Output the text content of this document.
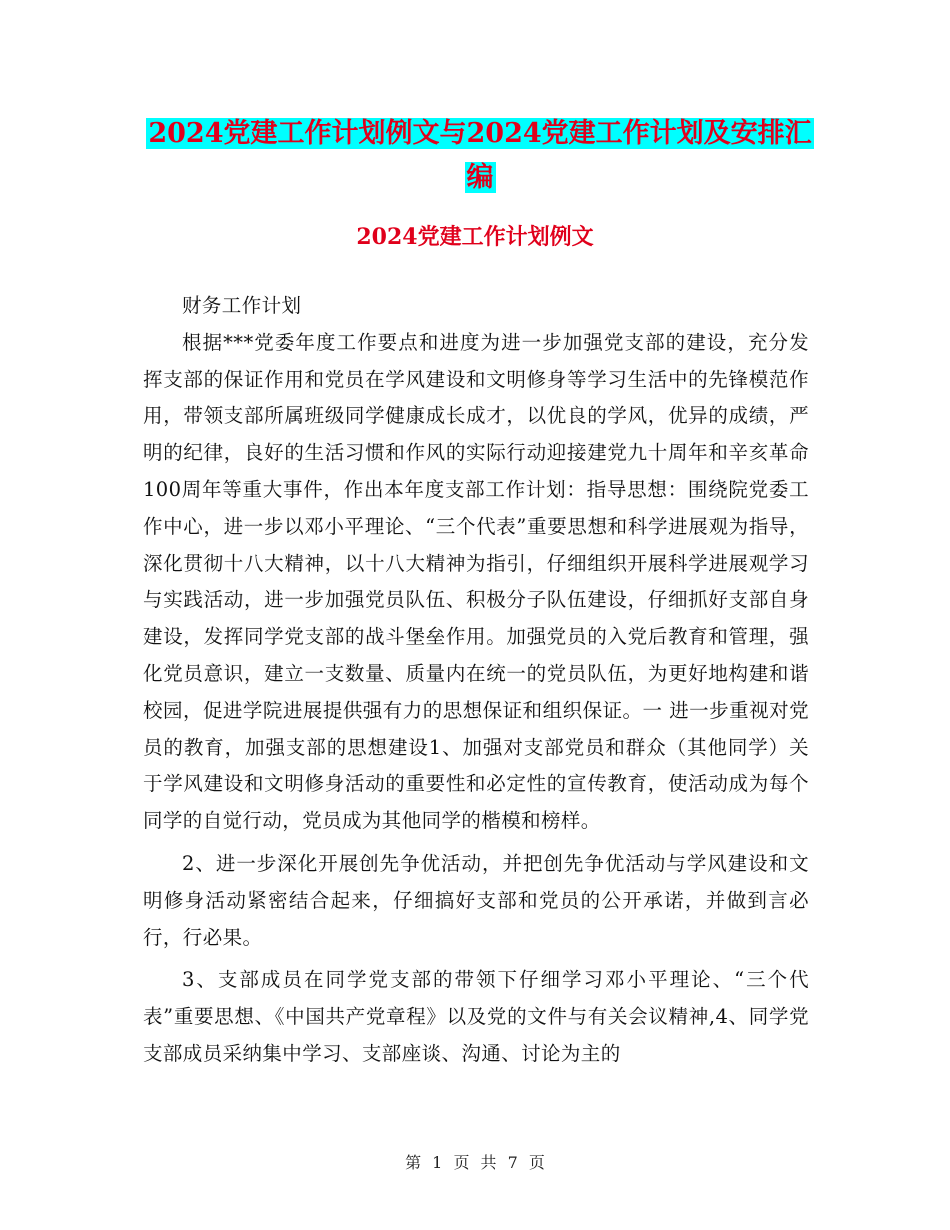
2024党建工作计划例文与2024党建工作计划及安排汇编
2024党建工作计划例文

财务工作计划

根据***党委年度工作要点和进度为进一步加强党支部的建设，充分发挥支部的保证作用和党员在学风建设和文明修身等学习生活中的先锋模范作用，带领支部所属班级同学健康成长成才，以优良的学风，优异的成绩，严明的纪律，良好的生活习惯和作风的实际行动迎接建党九十周年和辛亥革命100周年等重大事件，作出本年度支部工作计划：指导思想：围绕院党委工作中心，进一步以邓小平理论、“三个代表”重要思想和科学进展观为指导，深化贯彻十八大精神，以十八大精神为指引，仔细组织开展科学进展观学习与实践活动，进一步加强党员队伍、积极分子队伍建设，仔细抓好支部自身建设，发挥同学党支部的战斗堡垒作用。加强党员的入党后教育和管理，强化党员意识，建立一支数量、质量内在统一的党员队伍，为更好地构建和谐校园，促进学院进展提供强有力的思想保证和组织保证。一 进一步重视对党员的教育，加强支部的思想建设1、加强对支部党员和群众（其他同学）关于学风建设和文明修身活动的重要性和必定性的宣传教育，使活动成为每个同学的自觉行动，党员成为其他同学的楷模和榜样。

2、进一步深化开展创先争优活动，并把创先争优活动与学风建设和文明修身活动紧密结合起来，仔细搞好支部和党员的公开承诺，并做到言必行，行必果。

3、支部成员在同学党支部的带领下仔细学习邓小平理论、“三个代表”重要思想、《中国共产党章程》以及党的文件与有关会议精神,4、同学党支部成员采纳集中学习、支部座谈、沟通、讨论为主的

第 1 页 共 7 页
